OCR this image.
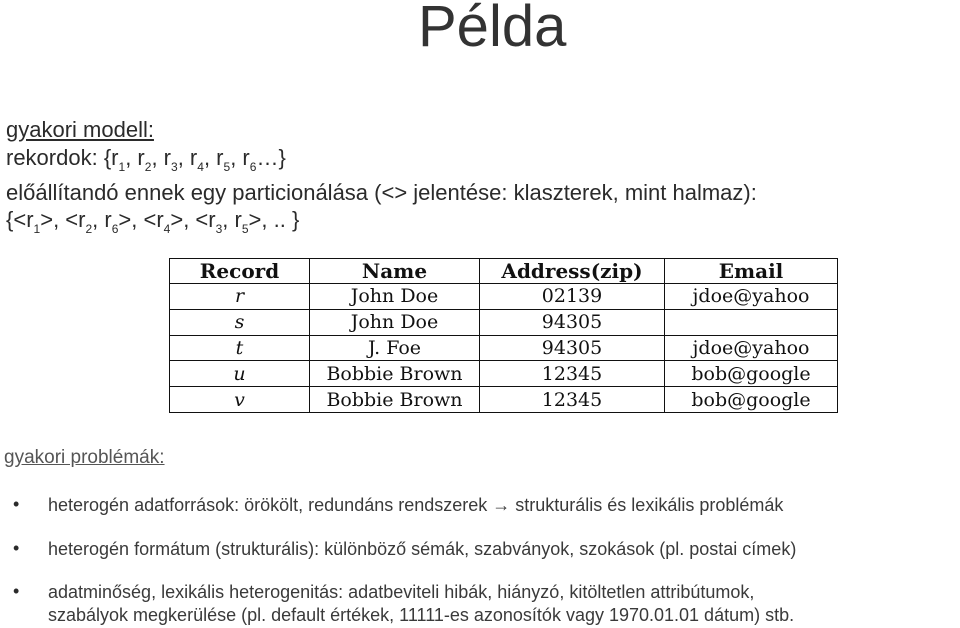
Példa
gyakori modell:
rekordok: {$r_1$, $r_2$, $r_3$, $r_4$, $r_5$, $r_6\dots$}
előállítandó ennek egy particionálása (<> jelentése: klaszterek, mint halmaz):
{$<r_1>$, $<r_2$, $r_6>$, $<r_4>$, $<r_3$, $r_5>$, .. }
Record	Name	Address(zip)	Email
r	John Doe	02139	jdoe@yahoo
s	John Doe	94305	
t	J. Foe	94305	jdoe@yahoo
u	Bobbie Brown	12345	bob@google
v	Bobbie Brown	12345	bob@google
gyakori problémák:
• heterogén adatforrások: örökölt, redundáns rendszerek → strukturális és lexikális problémák
• heterogén formátum (strukturális): különböző sémák, szabványok, szokások (pl. postai címek)
• adatminőség, lexikális heterogenitás: adatbeviteli hibák, hiányzó, kitöltetlen attribútumok,
szabályok megkerülése (pl. default értékek, 11111-es azonosítók vagy 1970.01.01 dátum) stb.
